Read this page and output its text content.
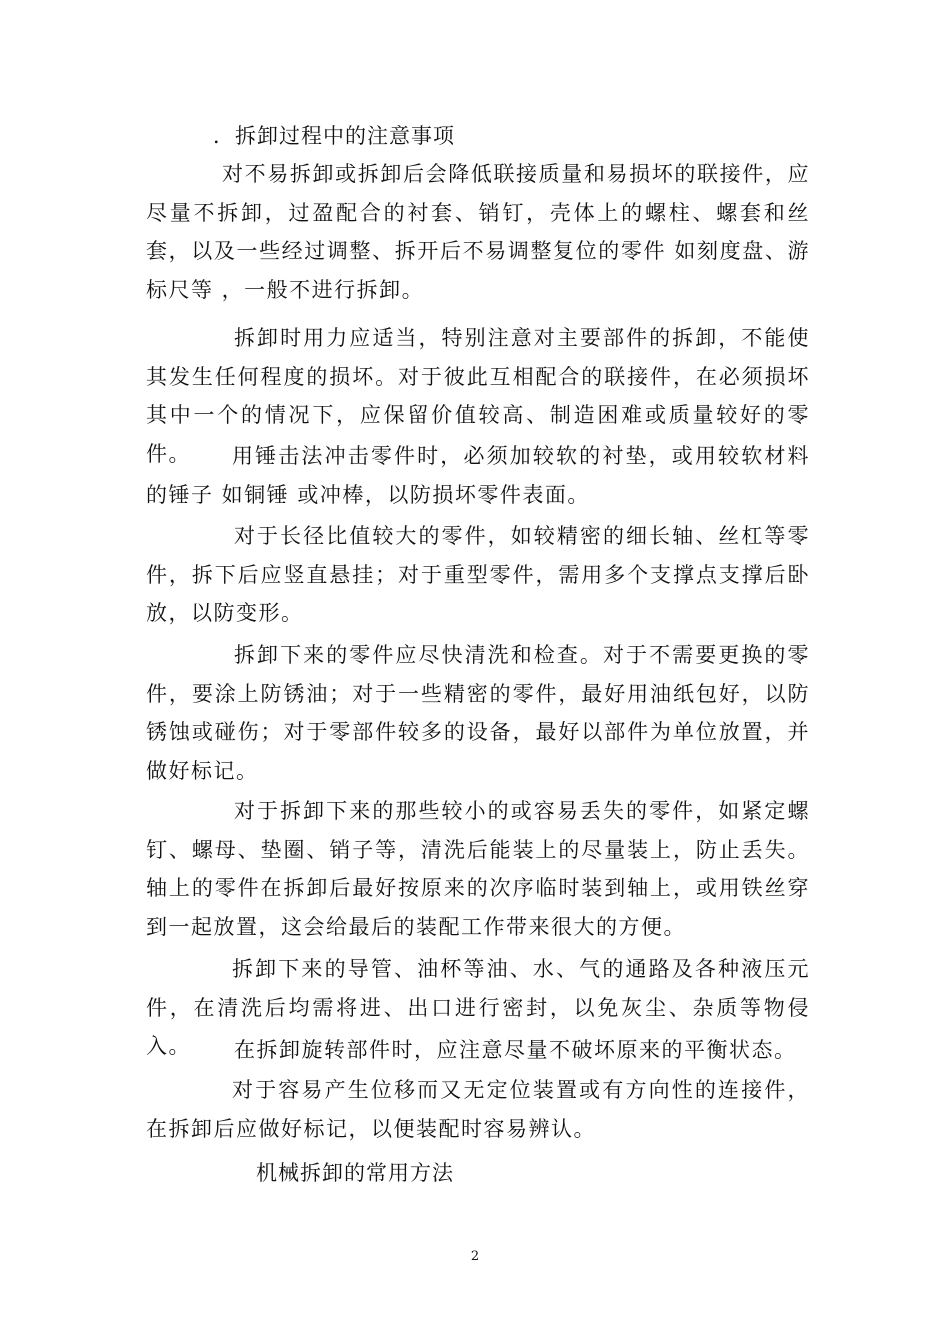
．拆卸过程中的注意事项
对不易拆卸或拆卸后会降低联接质量和易损坏的联接件，应尽量不拆卸，过盈配合的衬套、销钉，壳体上的螺柱、螺套和丝套，以及一些经过调整、拆开后不易调整复位的零件 如刻度盘、游标尺等 ，一般不进行拆卸。
拆卸时用力应适当，特别注意对主要部件的拆卸，不能使其发生任何程度的损坏。对于彼此互相配合的联接件，在必须损坏其中一个的情况下，应保留价值较高、制造困难或质量较好的零件。	用锤击法冲击零件时，必须加较软的衬垫，或用较软材料的锤子 如铜锤 或冲棒，以防损坏零件表面。
对于长径比值较大的零件，如较精密的细长轴、丝杠等零件，拆下后应竖直悬挂；对于重型零件，需用多个支撑点支撑后卧放，以防变形。
拆卸下来的零件应尽快清洗和检查。对于不需要更换的零件，要涂上防锈油；对于一些精密的零件，最好用油纸包好，以防锈蚀或碰伤；对于零部件较多的设备，最好以部件为单位放置，并做好标记。
对于拆卸下来的那些较小的或容易丢失的零件，如紧定螺钉、螺母、垫圈、销子等，清洗后能装上的尽量装上，防止丢失。轴上的零件在拆卸后最好按原来的次序临时装到轴上，或用铁丝穿到一起放置，这会给最后的装配工作带来很大的方便。
拆卸下来的导管、油杯等油、水、气的通路及各种液压元件，在清洗后均需将进、出口进行密封，以免灰尘、杂质等物侵入。	在拆卸旋转部件时，应注意尽量不破坏原来的平衡状态。
对于容易产生位移而又无定位装置或有方向性的连接件，在拆卸后应做好标记，以便装配时容易辨认。
机械拆卸的常用方法
2
